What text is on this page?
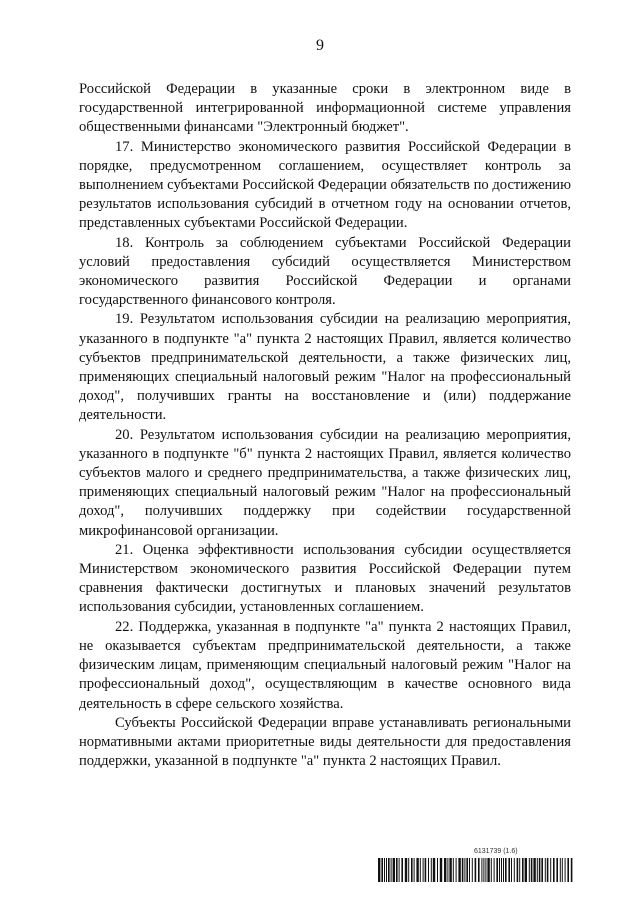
9

Российской Федерации в указанные сроки в электронном виде в государственной интегрированной информационной системе управления общественными финансами "Электронный бюджет".

17. Министерство экономического развития Российской Федерации в порядке, предусмотренном соглашением, осуществляет контроль за выполнением субъектами Российской Федерации обязательств по достижению результатов использования субсидий в отчетном году на основании отчетов, представленных субъектами Российской Федерации.

18. Контроль за соблюдением субъектами Российской Федерации условий предоставления субсидий осуществляется Министерством экономического развития Российской Федерации и органами государственного финансового контроля.

19. Результатом использования субсидии на реализацию мероприятия, указанного в подпункте "а" пункта 2 настоящих Правил, является количество субъектов предпринимательской деятельности, а также физических лиц, применяющих специальный налоговый режим "Налог на профессиональный доход", получивших гранты на восстановление и (или) поддержание деятельности.

20. Результатом использования субсидии на реализацию мероприятия, указанного в подпункте "б" пункта 2 настоящих Правил, является количество субъектов малого и среднего предпринимательства, а также физических лиц, применяющих специальный налоговый режим "Налог на профессиональный доход", получивших поддержку при содействии государственной микрофинансовой организации.

21. Оценка эффективности использования субсидии осуществляется Министерством экономического развития Российской Федерации путем сравнения фактически достигнутых и плановых значений результатов использования субсидии, установленных соглашением.

22. Поддержка, указанная в подпункте "а" пункта 2 настоящих Правил, не оказывается субъектам предпринимательской деятельности, а также физическим лицам, применяющим специальный налоговый режим "Налог на профессиональный доход", осуществляющим в качестве основного вида деятельность в сфере сельского хозяйства.

Субъекты Российской Федерации вправе устанавливать региональными нормативными актами приоритетные виды деятельности для предоставления поддержки, указанной в подпункте "а" пункта 2 настоящих Правил.

6131739 (1.6)
